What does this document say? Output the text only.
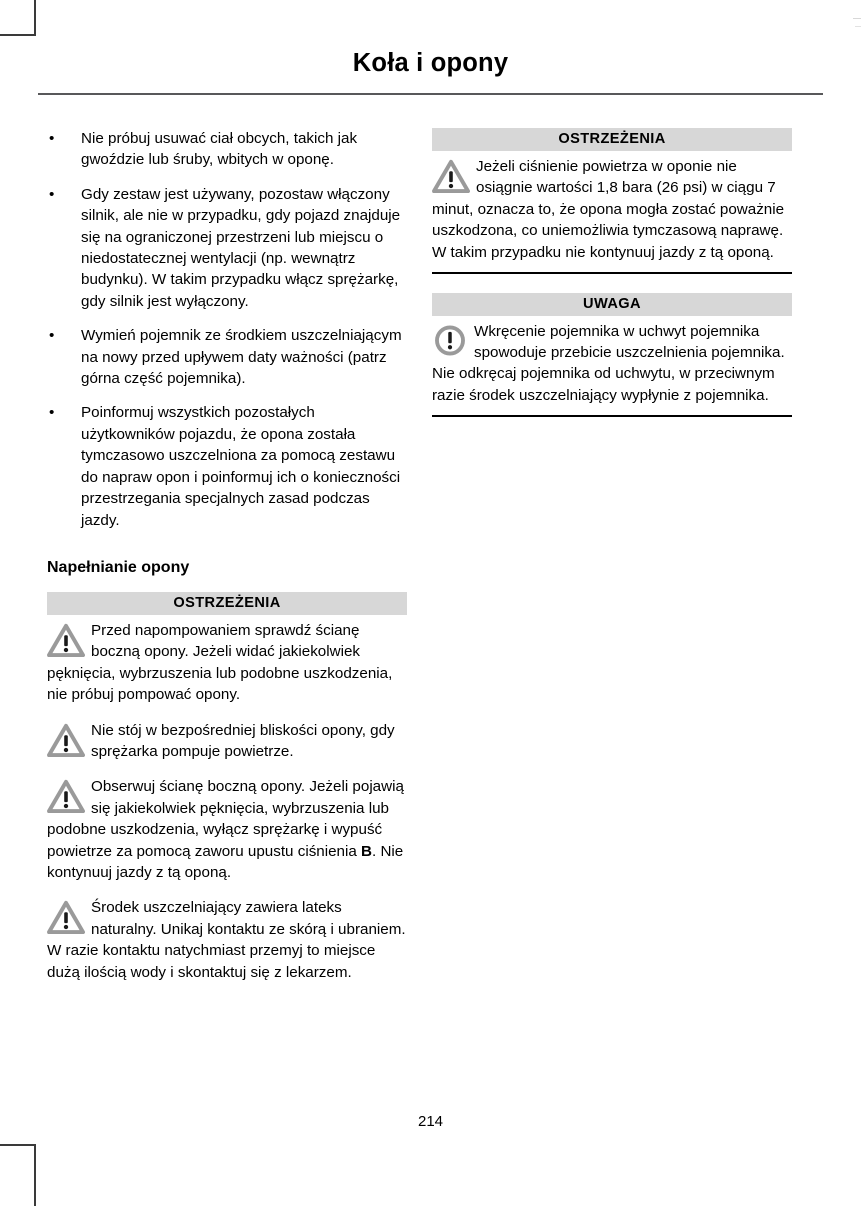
Koła i opony
• Nie próbuj usuwać ciał obcych, takich jak gwoździe lub śruby, wbitych w oponę.
• Gdy zestaw jest używany, pozostaw włączony silnik, ale nie w przypadku, gdy pojazd znajduje się na ograniczonej przestrzeni lub miejscu o niedostatecznej wentylacji (np. wewnątrz budynku). W takim przypadku włącz sprężarkę, gdy silnik jest wyłączony.
• Wymień pojemnik ze środkiem uszczelniającym na nowy przed upływem daty ważności (patrz górna część pojemnika).
• Poinformuj wszystkich pozostałych użytkowników pojazdu, że opona została tymczasowo uszczelniona za pomocą zestawu do napraw opon i poinformuj ich o konieczności przestrzegania specjalnych zasad podczas jazdy.
Napełnianie opony
OSTRZEŻENIA
Przed napompowaniem sprawdź ścianę boczną opony. Jeżeli widać jakiekolwiek pęknięcia, wybrzuszenia lub podobne uszkodzenia, nie próbuj pompować opony.
Nie stój w bezpośredniej bliskości opony, gdy sprężarka pompuje powietrze.
Obserwuj ścianę boczną opony. Jeżeli pojawią się jakiekolwiek pęknięcia, wybrzuszenia lub podobne uszkodzenia, wyłącz sprężarkę i wypuść powietrze za pomocą zaworu upustu ciśnienia B. Nie kontynuuj jazdy z tą oponą.
Środek uszczelniający zawiera lateks naturalny. Unikaj kontaktu ze skórą i ubraniem. W razie kontaktu natychmiast przemyj to miejsce dużą ilością wody i skontaktuj się z lekarzem.
OSTRZEŻENIA
Jeżeli ciśnienie powietrza w oponie nie osiągnie wartości 1,8 bara (26 psi) w ciągu 7 minut, oznacza to, że opona mogła zostać poważnie uszkodzona, co uniemożliwia tymczasową naprawę. W takim przypadku nie kontynuuj jazdy z tą oponą.
UWAGA
Wkręcenie pojemnika w uchwyt pojemnika spowoduje przebicie uszczelnienia pojemnika. Nie odkręcaj pojemnika od uchwytu, w przeciwnym razie środek uszczelniający wypłynie z pojemnika.
214
